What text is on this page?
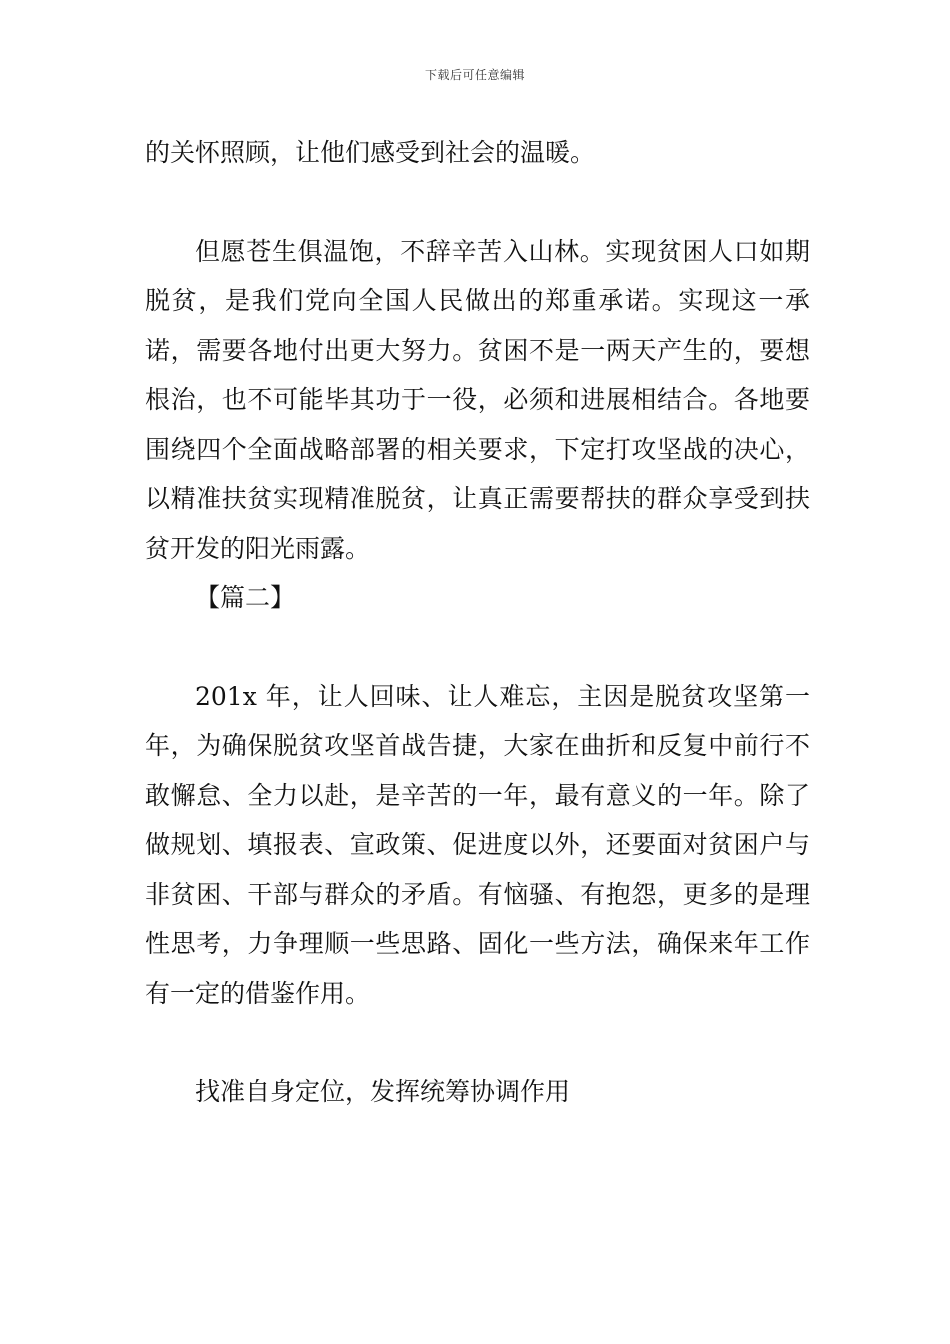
下载后可任意编辑

的关怀照顾，让他们感受到社会的温暖。

但愿苍生俱温饱，不辞辛苦入山林。实现贫困人口如期脱贫，是我们党向全国人民做出的郑重承诺。实现这一承诺，需要各地付出更大努力。贫困不是一两天产生的，要想根治，也不可能毕其功于一役，必须和进展相结合。各地要围绕四个全面战略部署的相关要求，下定打攻坚战的决心，以精准扶贫实现精准脱贫，让真正需要帮扶的群众享受到扶贫开发的阳光雨露。

【篇二】

201x 年，让人回味、让人难忘，主因是脱贫攻坚第一年，为确保脱贫攻坚首战告捷，大家在曲折和反复中前行不敢懈怠、全力以赴，是辛苦的一年，最有意义的一年。除了做规划、填报表、宣政策、促进度以外，还要面对贫困户与非贫困、干部与群众的矛盾。有恼骚、有抱怨，更多的是理性思考，力争理顺一些思路、固化一些方法，确保来年工作有一定的借鉴作用。

找准自身定位，发挥统筹协调作用
